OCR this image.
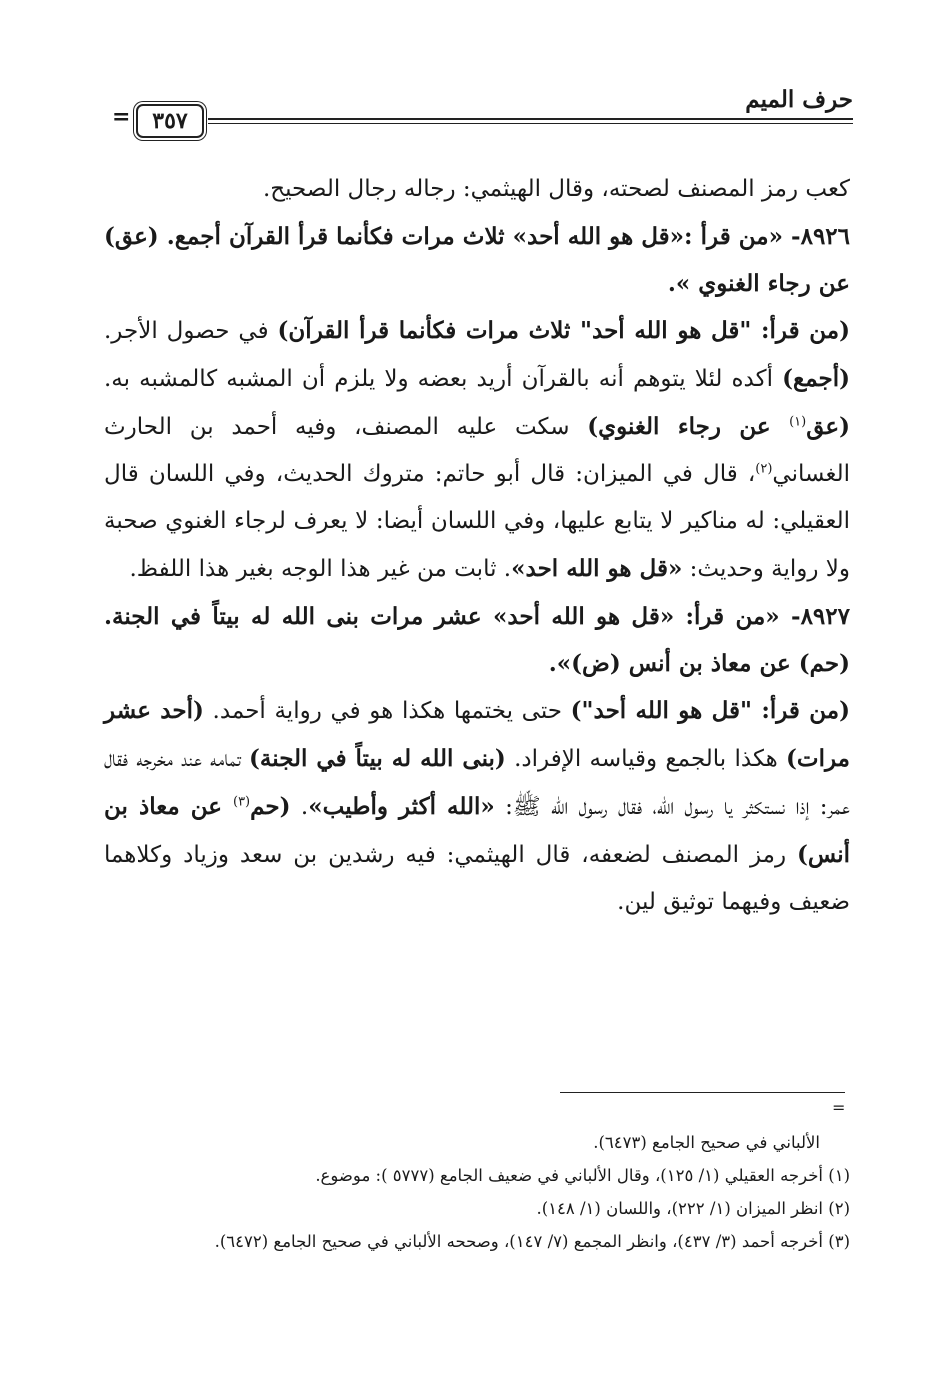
حرف الميم
٣٥٧
=

كعب رمز المصنف لصحته، وقال الهيثمي: رجاله رجال الصحيح.

٨٩٢٦- «من قرأ :«قل هو الله أحد» ثلاث مرات فكأنما قرأ القرآن أجمع. (عق) عن رجاء الغنوي ».

(من قرأ: "قل هو الله أحد" ثلاث مرات فكأنما قرأ القرآن) في حصول الأجر. (أجمع) أكده لئلا يتوهم أنه بالقرآن أريد بعضه ولا يلزم أن المشبه كالمشبه به. (عق$^{(١)}$ عن رجاء الغنوي) سكت عليه المصنف، وفيه أحمد بن الحارث الغساني$^{(٢)}$، قال في الميزان: قال أبو حاتم: متروك الحديث، وفي اللسان قال العقيلي: له مناكير لا يتابع عليها، وفي اللسان أيضا: لا يعرف لرجاء الغنوي صحبة ولا رواية وحديث: «قل هو الله احد». ثابت من غير هذا الوجه بغير هذا اللفظ.

٨٩٢٧- «من قرأ: «قل هو الله أحد» عشر مرات بنى الله له بيتاً في الجنة. (حم) عن معاذ بن أنس (ض)».

(من قرأ: "قل هو الله أحد") حتى يختمها هكذا هو في رواية أحمد. (أحد عشر مرات) هكذا بالجمع وقياسه الإفراد. (بنى الله له بيتاً في الجنة) تمامه عند مخرجه فقال عمر: إذا نستكثر يا رسول الله، فقال رسول الله ﷺ: «الله أكثر وأطيب». (حم$^{(٣)}$ عن معاذ بن أنس) رمز المصنف لضعفه، قال الهيثمي: فيه رشدين بن سعد وزياد وكلاهما ضعيف وفيهما توثيق لين.

=

الألباني في صحيح الجامع (٦٤٧٣).

(١) أخرجه العقيلي (١/ ١٢٥)، وقال الألباني في ضعيف الجامع (٥٧٧٧ ): موضوع.

(٢) انظر الميزان (١/ ٢٢٢)، واللسان (١/ ١٤٨).

(٣) أخرجه أحمد (٣/ ٤٣٧)، وانظر المجمع (٧/ ١٤٧)، وصححه الألباني في صحيح الجامع (٦٤٧٢).
